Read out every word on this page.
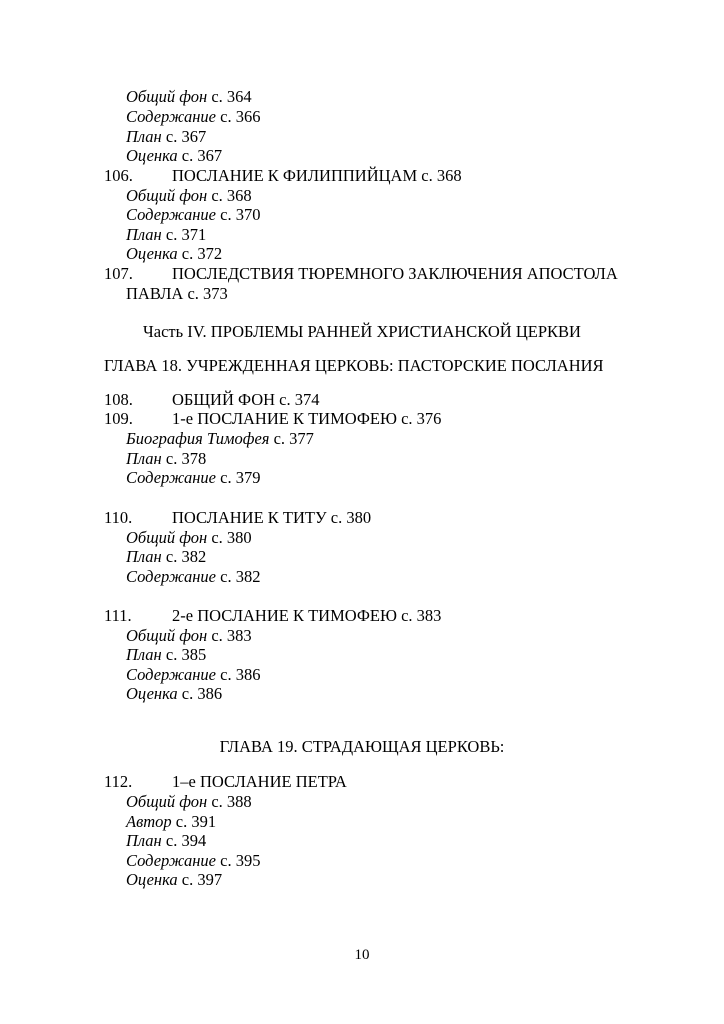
Общий фон с. 364
Содержание с. 366
План с. 367
Оценка с. 367
106. ПОСЛАНИЕ К ФИЛИППИЙЦАМ с. 368
Общий фон с. 368
Содержание с. 370
План с. 371
Оценка с. 372
107. ПОСЛЕДСТВИЯ ТЮРЕМНОГО ЗАКЛЮЧЕНИЯ АПОСТОЛА
ПАВЛА с. 373
Часть IV. ПРОБЛЕМЫ РАННЕЙ ХРИСТИАНСКОЙ ЦЕРКВИ
ГЛАВА 18. УЧРЕЖДЕННАЯ ЦЕРКОВЬ: ПАСТОРСКИЕ ПОСЛАНИЯ
108. ОБЩИЙ ФОН с. 374
109. 1-е ПОСЛАНИЕ К ТИМОФЕЮ с. 376
Биография Тимофея с. 377
План с. 378
Содержание с. 379
110. ПОСЛАНИЕ К ТИТУ с. 380
Общий фон с. 380
План с. 382
Содержание с. 382
111. 2-е ПОСЛАНИЕ К ТИМОФЕЮ с. 383
Общий фон с. 383
План с. 385
Содержание с. 386
Оценка с. 386
ГЛАВА 19. СТРАДАЮЩАЯ ЦЕРКОВЬ:
112. 1–е ПОСЛАНИЕ ПЕТРА
Общий фон с. 388
Автор с. 391
План с. 394
Содержание с. 395
Оценка с. 397
10
